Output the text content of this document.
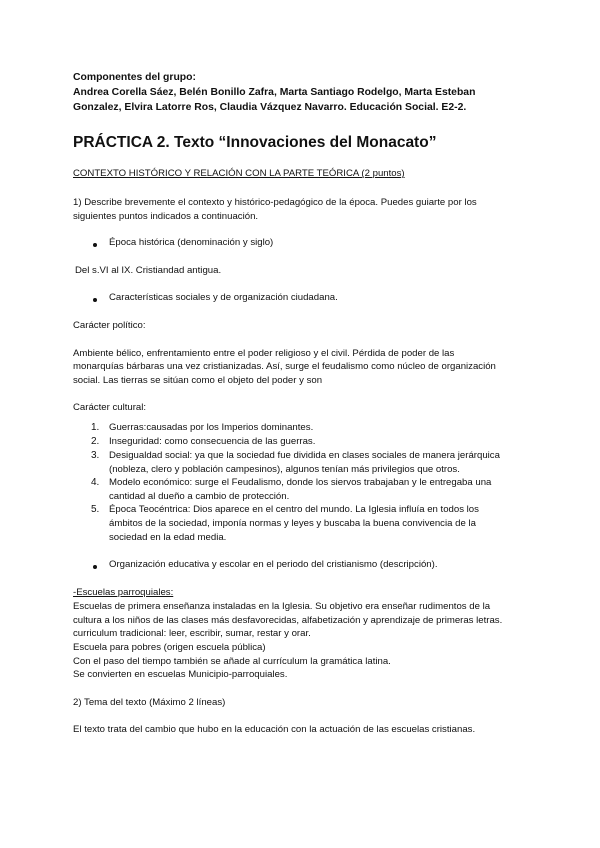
Componentes del grupo:
Andrea Corella Sáez, Belén Bonillo Zafra, Marta Santiago Rodelgo, Marta Esteban
Gonzalez, Elvira Latorre Ros, Claudia Vázquez Navarro. Educación Social. E2-2.
PRÁCTICA 2. Texto “Innovaciones del Monacato”
CONTEXTO HISTÓRICO Y RELACIÓN CON LA PARTE TEÓRICA (2 puntos)
1) Describe brevemente el contexto y histórico-pedagógico de la época. Puedes guiarte por los
siguientes puntos indicados a continuación.
Época histórica (denominación y siglo)
Del s.VI al IX. Cristiandad antigua.
Características sociales y de organización ciudadana.
Carácter político:
Ambiente bélico, enfrentamiento entre el poder religioso y el civil. Pérdida de poder de las
monarquías bárbaras una vez cristianizadas. Así, surge el feudalismo como núcleo de organización
social. Las tierras se sitúan como el objeto del poder y son
Carácter cultural:
1. Guerras:causadas por los Imperios dominantes.
2. Inseguridad: como consecuencia de las guerras.
3. Desigualdad social: ya que la sociedad fue dividida en clases sociales de manera jerárquica
(nobleza, clero y población campesinos), algunos tenían más privilegios que otros.
4. Modelo económico: surge el Feudalismo, donde los siervos trabajaban y le entregaba una
cantidad al dueño a cambio de protección.
5. Época Teocéntrica: Dios aparece en el centro del mundo. La Iglesia influía en todos los
ámbitos de la sociedad, imponía normas y leyes y buscaba la buena convivencia de la
sociedad en la edad media.
Organización educativa y escolar en el periodo del cristianismo (descripción).
-Escuelas parroquiales:
Escuelas de primera enseñanza instaladas en la Iglesia. Su objetivo era enseñar rudimentos de la
cultura a los niños de las clases más desfavorecidas, alfabetización y aprendizaje de primeras letras.
curriculum tradicional: leer, escribir, sumar, restar y orar.
Escuela para pobres (origen escuela pública)
Con el paso del tiempo también se añade al currículum la gramática latina.
Se convierten en escuelas Municipio-parroquiales.
2) Tema del texto (Máximo 2 líneas)
El texto trata del cambio que hubo en la educación con la actuación de las escuelas cristianas.
